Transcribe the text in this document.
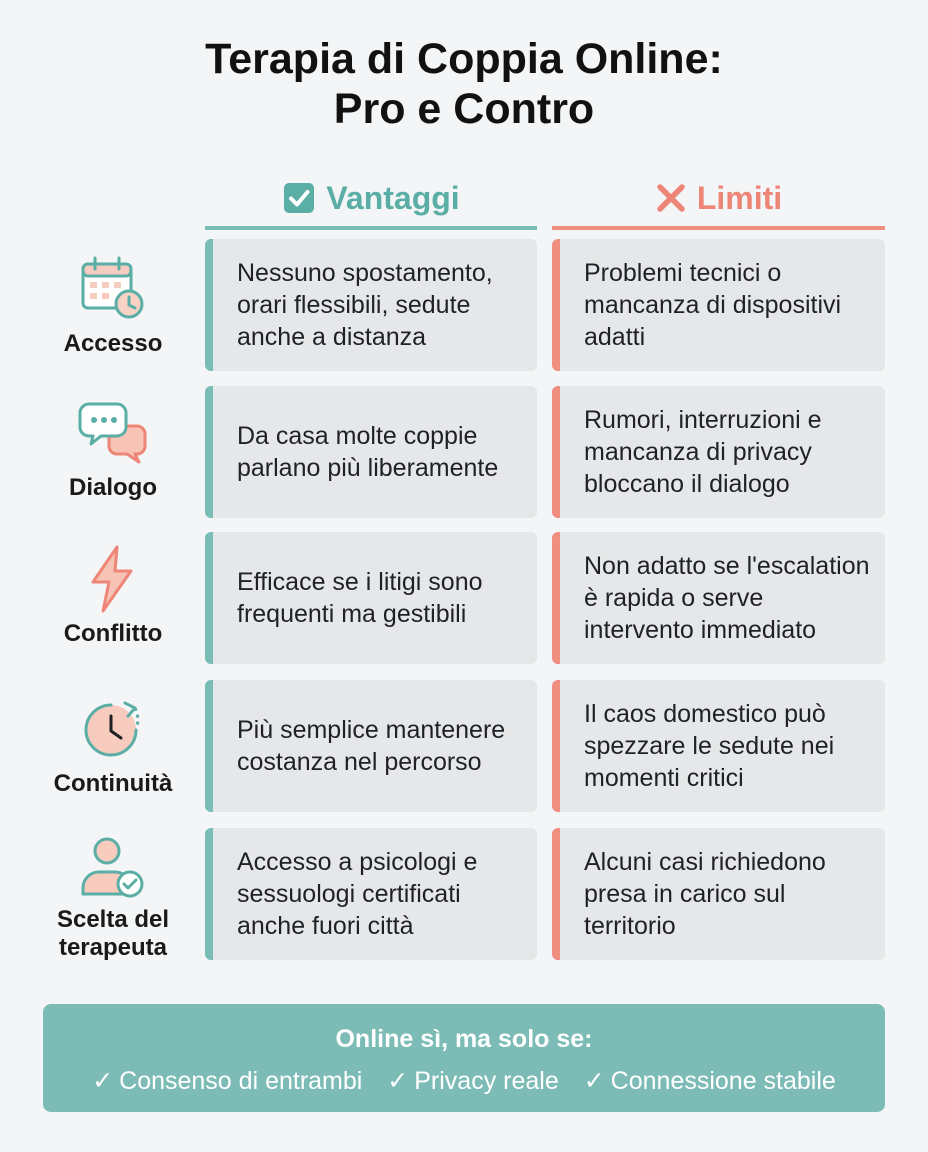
Terapia di Coppia Online:
Pro e Contro
Vantaggi	Limiti
Accesso
Nessuno spostamento, orari flessibili, sedute anche a distanza
Problemi tecnici o mancanza di dispositivi adatti
Dialogo
Da casa molte coppie parlano più liberamente
Rumori, interruzioni e mancanza di privacy bloccano il dialogo
Conflitto
Efficace se i litigi sono frequenti ma gestibili
Non adatto se l'escalation è rapida o serve intervento immediato
Continuità
Più semplice mantenere costanza nel percorso
Il caos domestico può spezzare le sedute nei momenti critici
Scelta del terapeuta
Accesso a psicologi e sessuologi certificati anche fuori città
Alcuni casi richiedono presa in carico sul territorio
Online sì, ma solo se:
✓ Consenso di entrambi ✓ Privacy reale ✓ Connessione stabile
